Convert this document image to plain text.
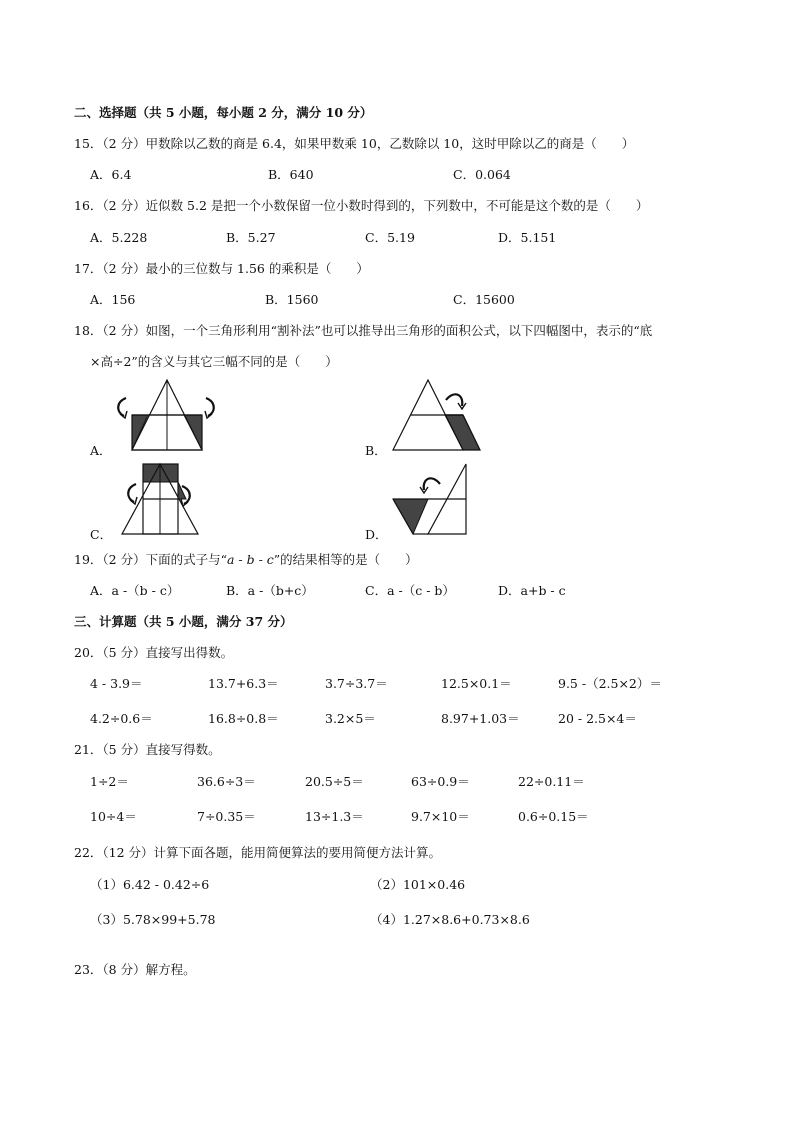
二、选择题（共 5 小题，每小题 2 分，满分 10 分）
15．（2 分）甲数除以乙数的商是 6.4，如果甲数乘 10，乙数除以 10，这时甲除以乙的商是（　　）
A．6.4	B．640	C．0.064
16．（2 分）近似数 5.2 是把一个小数保留一位小数时得到的，下列数中，不可能是这个数的是（　　）
A．5.228	B．5.27	C．5.19	D．5.151
17．（2 分）最小的三位数与 1.56 的乘积是（　　）
A．156	B．1560	C．15600
18．（2 分）如图，一个三角形利用“割补法”也可以推导出三角形的面积公式，以下四幅图中，表示的“底
×高÷2”的含义与其它三幅不同的是（　　）
A．	B．
C．	D．
19．（2 分）下面的式子与“a - b - c”的结果相等的是（　　）
A．a -（b - c）	B．a -（b+c）	C．a -（c - b）	D．a+b - c
三、计算题（共 5 小题，满分 37 分）
20．（5 分）直接写出得数。
4 - 3.9＝	13.7+6.3＝	3.7÷3.7＝	12.5×0.1＝	9.5 -（2.5×2）＝
4.2÷0.6＝	16.8÷0.8＝	3.2×5＝	8.97+1.03＝	20 - 2.5×4＝
21．（5 分）直接写得数。
1÷2＝	36.6÷3＝	20.5÷5＝	63÷0.9＝	22÷0.11＝
10÷4＝	7÷0.35＝	13÷1.3＝	9.7×10＝	0.6÷0.15＝
22．（12 分）计算下面各题，能用简便算法的要用简便方法计算。
（1）6.42 - 0.42÷6	（2）101×0.46
（3）5.78×99+5.78	（4）1.27×8.6+0.73×8.6
23．（8 分）解方程。
